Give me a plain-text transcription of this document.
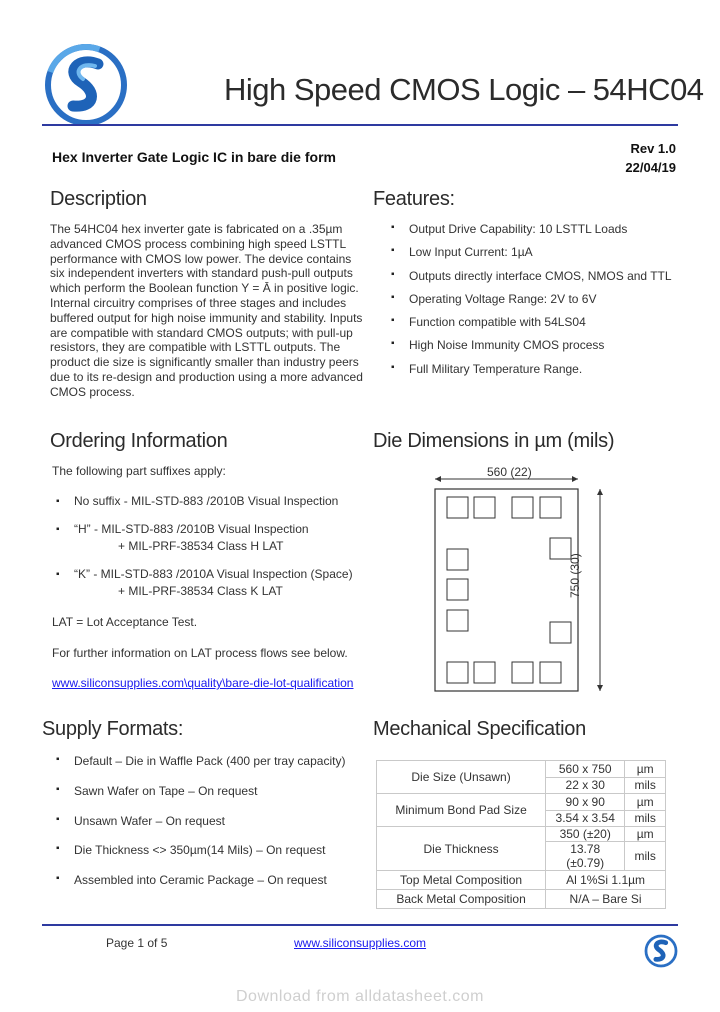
High Speed CMOS Logic – 54HC04
Hex Inverter Gate Logic IC in bare die form
Rev 1.0
22/04/19
Description
The 54HC04 hex inverter gate is fabricated on a .35µm
advanced CMOS process combining high speed LSTTL
performance with CMOS low power. The device contains
six independent inverters with standard push-pull outputs
which perform the Boolean function Y = Ā in positive logic.
Internal circuitry comprises of three stages and includes
buffered output for high noise immunity and stability. Inputs
are compatible with standard CMOS outputs; with pull-up
resistors, they are compatible with LSTTL outputs. The
product die size is significantly smaller than industry peers
due to its re-design and production using a more advanced
CMOS process.
Features:
▪ Output Drive Capability: 10 LSTTL Loads
▪ Low Input Current: 1µA
▪ Outputs directly interface CMOS, NMOS and TTL
▪ Operating Voltage Range: 2V to 6V
▪ Function compatible with 54LS04
▪ High Noise Immunity CMOS process
▪ Full Military Temperature Range.
Ordering Information
The following part suffixes apply:
▪ No suffix - MIL-STD-883 /2010B Visual Inspection
▪ “H” - MIL-STD-883 /2010B Visual Inspection
+ MIL-PRF-38534 Class H LAT
▪ “K” - MIL-STD-883 /2010A Visual Inspection (Space)
+ MIL-PRF-38534 Class K LAT
LAT = Lot Acceptance Test.
For further information on LAT process flows see below.
www.siliconsupplies.com\quality\bare-die-lot-qualification
Die Dimensions in µm (mils)
560 (22)
750 (30)
Supply Formats:
▪ Default – Die in Waffle Pack (400 per tray capacity)
▪ Sawn Wafer on Tape – On request
▪ Unsawn Wafer – On request
▪ Die Thickness <> 350µm(14 Mils) – On request
▪ Assembled into Ceramic Package – On request
Mechanical Specification
Die Size (Unsawn)	560 x 750	µm
	22 x 30	mils
Minimum Bond Pad Size	90 x 90	µm
	3.54 x 3.54	mils
Die Thickness	350 (±20)	µm
	13.78 (±0.79)	mils
Top Metal Composition	Al 1%Si 1.1µm	
Back Metal Composition	N/A – Bare Si	
Page 1 of 5	www.siliconsupplies.com
Download from alldatasheet.com
